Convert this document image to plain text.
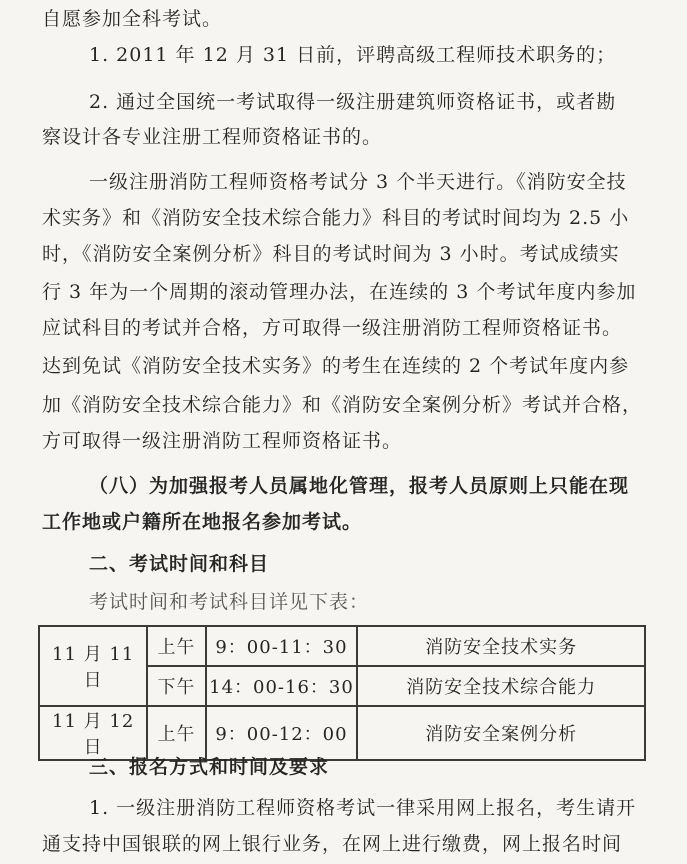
自愿参加全科考试。
1. 2011 年 12 月 31 日前，评聘高级工程师技术职务的；
2. 通过全国统一考试取得一级注册建筑师资格证书，或者勘
察设计各专业注册工程师资格证书的。
一级注册消防工程师资格考试分 3 个半天进行。《消防安全技
术实务》和《消防安全技术综合能力》科目的考试时间均为 2.5 小
时，《消防安全案例分析》科目的考试时间为 3 小时。考试成绩实
行 3 年为一个周期的滚动管理办法，在连续的 3 个考试年度内参加
应试科目的考试并合格，方可取得一级注册消防工程师资格证书。
达到免试《消防安全技术实务》的考生在连续的 2 个考试年度内参
加《消防安全技术综合能力》和《消防安全案例分析》考试并合格，
方可取得一级注册消防工程师资格证书。
（八）为加强报考人员属地化管理，报考人员原则上只能在现
工作地或户籍所在地报名参加考试。
二、考试时间和科目
考试时间和考试科目详见下表：
11 月 11 日	上午	9：00-11：30	消防安全技术实务
	下午	14：00-16：30	消防安全技术综合能力
11 月 12 日	上午	9：00-12：00	消防安全案例分析
三、报名方式和时间及要求
1. 一级注册消防工程师资格考试一律采用网上报名，考生请开
通支持中国银联的网上银行业务，在网上进行缴费，网上报名时间
